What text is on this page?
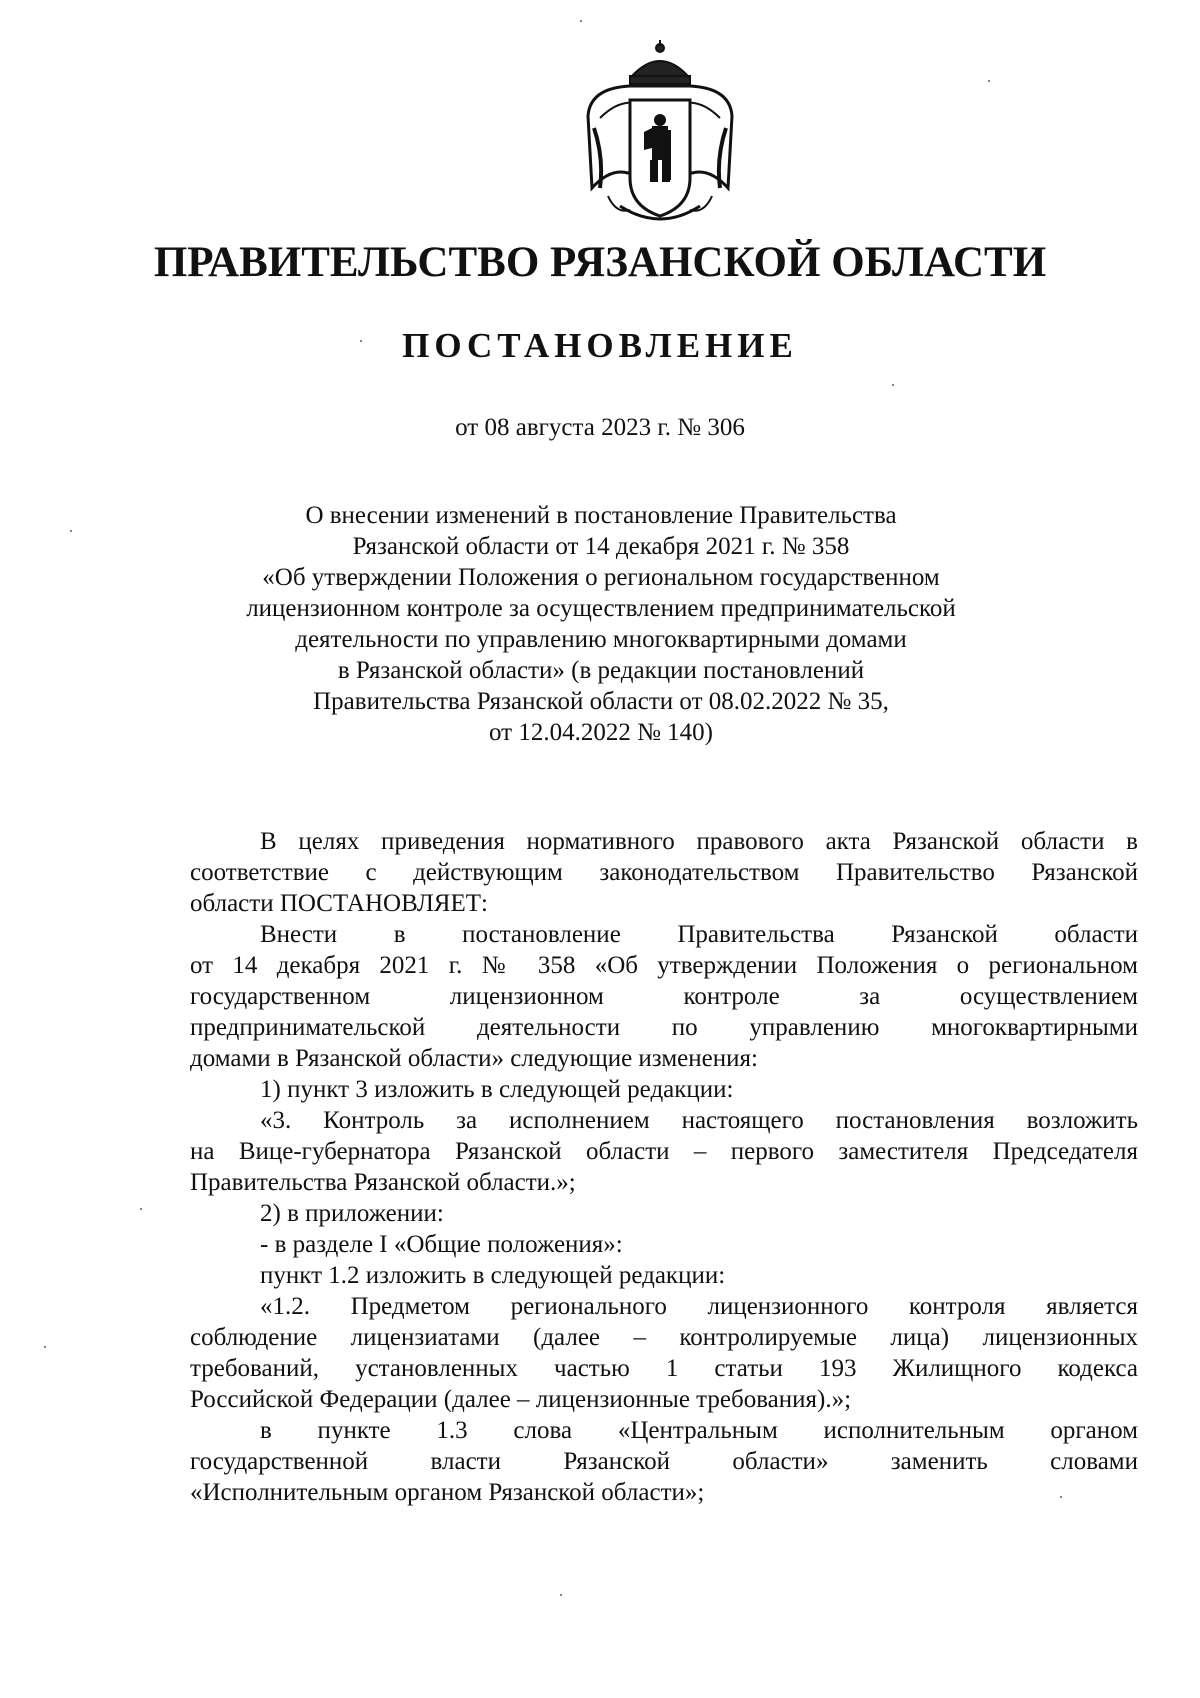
ПРАВИТЕЛЬСТВО РЯЗАНСКОЙ ОБЛАСТИ
ПОСТАНОВЛЕНИЕ
от 08 августа 2023 г. № 306
О внесении изменений в постановление Правительства
Рязанской области от 14 декабря 2021 г. № 358
«Об утверждении Положения о региональном государственном
лицензионном контроле за осуществлением предпринимательской
деятельности по управлению многоквартирными домами
в Рязанской области» (в редакции постановлений
Правительства Рязанской области от 08.02.2022 № 35,
от 12.04.2022 № 140)
В целях приведения нормативного правового акта Рязанской области в
соответствие с действующим законодательством Правительство Рязанской
области ПОСТАНОВЛЯЕТ:
Внести в постановление Правительства Рязанской области
от 14 декабря 2021 г. № 358 «Об утверждении Положения о региональном
государственном лицензионном контроле за осуществлением
предпринимательской деятельности по управлению многоквартирными
домами в Рязанской области» следующие изменения:
1) пункт 3 изложить в следующей редакции:
«3. Контроль за исполнением настоящего постановления возложить
на Вице-губернатора Рязанской области – первого заместителя Председателя
Правительства Рязанской области.»;
2) в приложении:
- в разделе I «Общие положения»:
пункт 1.2 изложить в следующей редакции:
«1.2. Предметом регионального лицензионного контроля является
соблюдение лицензиатами (далее – контролируемые лица) лицензионных
требований, установленных частью 1 статьи 193 Жилищного кодекса
Российской Федерации (далее – лицензионные требования).»;
в пункте 1.3 слова «Центральным исполнительным органом
государственной власти Рязанской области» заменить словами
«Исполнительным органом Рязанской области»;
